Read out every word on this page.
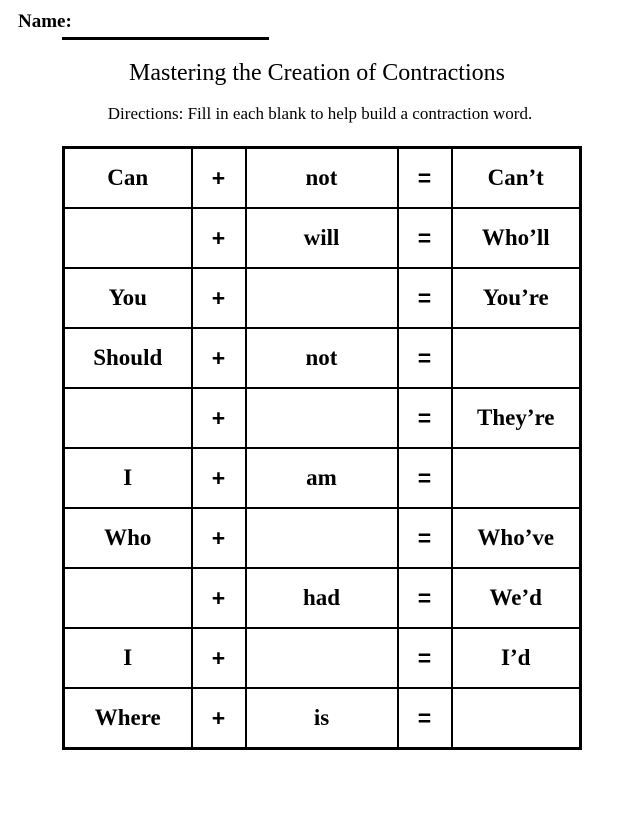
Name:
Mastering the Creation of Contractions
Directions: Fill in each blank to help build a contraction word.
Can	+	not	=	Can’t
	+	will	=	Who’ll
You	+		=	You’re
Should	+	not	=	
	+		=	They’re
I	+	am	=	
Who	+		=	Who’ve
	+	had	=	We’d
I	+		=	I’d
Where	+	is	=	
